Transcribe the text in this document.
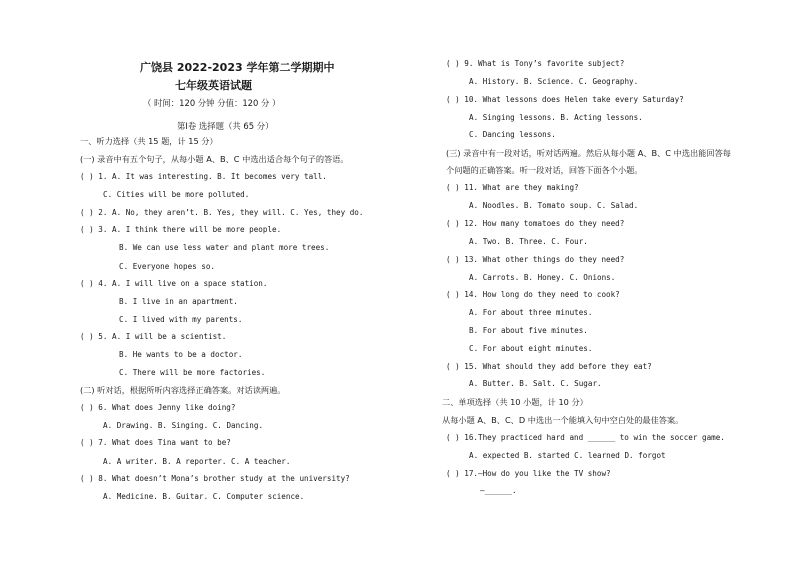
广饶县 2022-2023 学年第二学期期中
七年级英语试题
（ 时间：120 分钟 分值：120 分 ）
第Ⅰ卷 选择题（共 65 分）
一、听力选择（共 15 题，计 15 分）
(一) 录音中有五个句子，从每小题 A、B、C 中选出适合每个句子的答语。
( ) 1. A. It was interesting. B. It becomes very tall.
C. Cities will be more polluted.
( ) 2. A. No, they aren’t. B. Yes, they will. C. Yes, they do.
( ) 3. A. I think there will be more people.
B. We can use less water and plant more trees.
C. Everyone hopes so.
( ) 4. A. I will live on a space station.
B. I live in an apartment.
C. I lived with my parents.
( ) 5. A. I will be a scientist.
B. He wants to be a doctor.
C. There will be more factories.
(二) 听对话，根据所听内容选择正确答案。对话读两遍。
( ) 6. What does Jenny like doing?
A. Drawing. B. Singing. C. Dancing.
( ) 7. What does Tina want to be?
A. A writer. B. A reporter. C. A teacher.
( ) 8. What doesn’t Mona’s brother study at the university?
A. Medicine. B. Guitar. C. Computer science.
( ) 9. What is Tony’s favorite subject?
A. History. B. Science. C. Geography.
( ) 10. What lessons does Helen take every Saturday?
A. Singing lessons. B. Acting lessons.
C. Dancing lessons.
(三) 录音中有一段对话，听对话两遍。然后从每小题 A、B、C 中选出能回答每
个问题的正确答案。听一段对话，回答下面各个小题。
( ) 11. What are they making?
A. Noodles. B. Tomato soup. C. Salad.
( ) 12. How many tomatoes do they need?
A. Two. B. Three. C. Four.
( ) 13. What other things do they need?
A. Carrots. B. Honey. C. Onions.
( ) 14. How long do they need to cook?
A. For about three minutes.
B. For about five minutes.
C. For about eight minutes.
( ) 15. What should they add before they eat?
A. Butter. B. Salt. C. Sugar.
二、单项选择（共 10 小题，计 10 分）
从每小题 A、B、C、D 中选出一个能填入句中空白处的最佳答案。
( ) 16.They practiced hard and ______ to win the soccer game.
A. expected B. started C. learned D. forgot
( ) 17.—How do you like the TV show?
—______.
